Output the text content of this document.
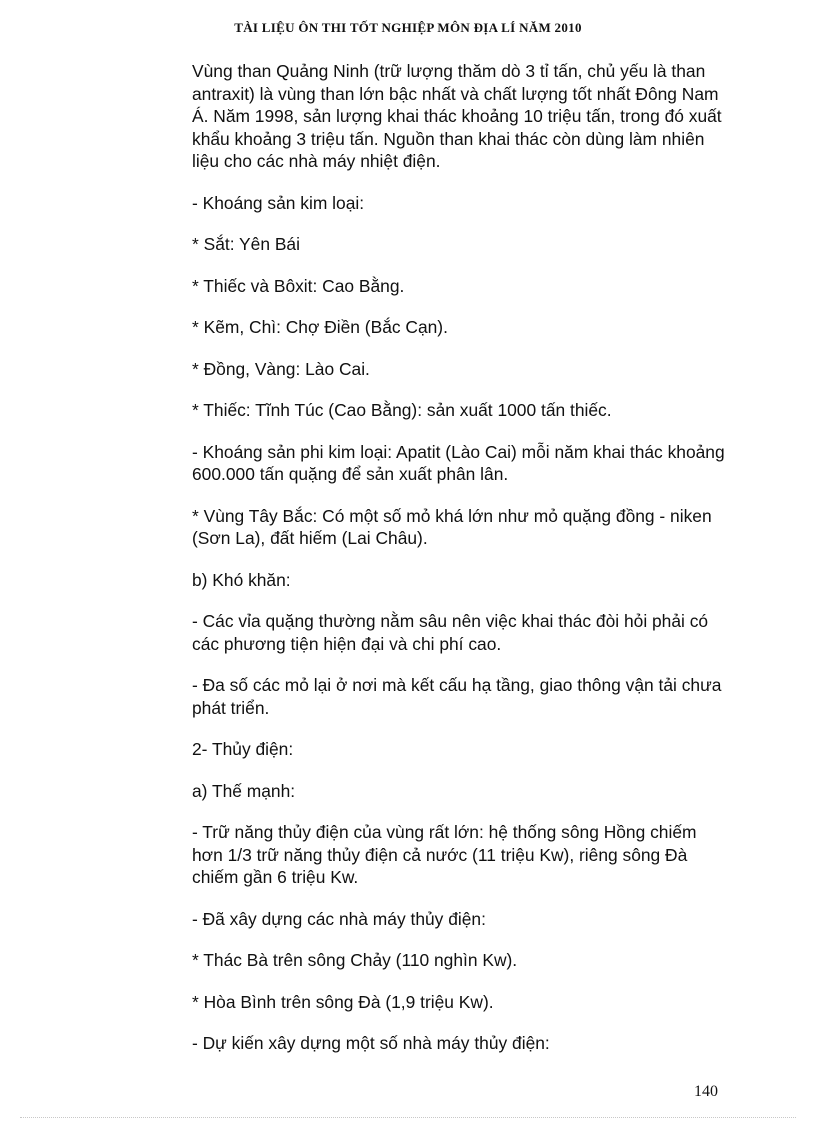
TÀI LIỆU ÔN THI TỐT NGHIỆP MÔN ĐỊA LÍ NĂM 2010

Vùng than Quảng Ninh (trữ lượng thăm dò 3 tỉ tấn, chủ yếu là than antraxit) là vùng than lớn bậc nhất và chất lượng tốt nhất Đông Nam Á. Năm 1998, sản lượng khai thác khoảng 10 triệu tấn, trong đó xuất khẩu khoảng 3 triệu tấn. Nguồn than khai thác còn dùng làm nhiên liệu cho các nhà máy nhiệt điện.

- Khoáng sản kim loại:

* Sắt: Yên Bái

* Thiếc và Bôxit: Cao Bằng.

* Kẽm, Chì: Chợ Điền (Bắc Cạn).

* Đồng, Vàng: Lào Cai.

* Thiếc: Tĩnh Túc (Cao Bằng): sản xuất 1000 tấn thiếc.

- Khoáng sản phi kim loại: Apatit (Lào Cai) mỗi năm khai thác khoảng 600.000 tấn quặng để sản xuất phân lân.

* Vùng Tây Bắc: Có một số mỏ khá lớn như mỏ quặng đồng - niken (Sơn La), đất hiếm (Lai Châu).

b) Khó khăn:

- Các vỉa quặng thường nằm sâu nên việc khai thác đòi hỏi phải có các phương tiện hiện đại và chi phí cao.

- Đa số các mỏ lại ở nơi mà kết cấu hạ tầng, giao thông vận tải chưa phát triển.

2- Thủy điện:

a) Thế mạnh:

- Trữ năng thủy điện của vùng rất lớn: hệ thống sông Hồng chiếm hơn 1/3 trữ năng thủy điện cả nước (11 triệu Kw), riêng sông Đà chiếm gần 6 triệu Kw.

- Đã xây dựng các nhà máy thủy điện:

* Thác Bà trên sông Chảy (110 nghìn Kw).

* Hòa Bình trên sông Đà (1,9 triệu Kw).

- Dự kiến xây dựng một số nhà máy thủy điện:

140
